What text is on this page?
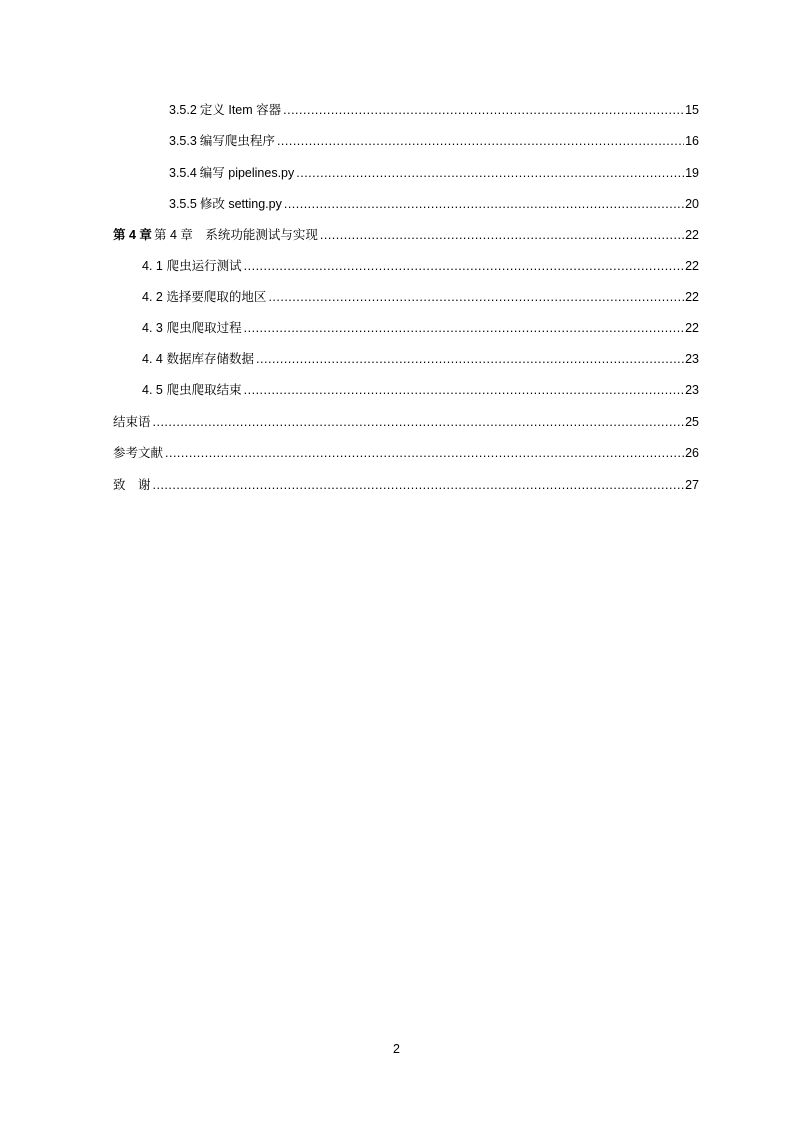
3.5.2 定义 Item 容器 .....	15
3.5.3 编写爬虫程序 .....	16
3.5.4 编写 pipelines.py .....	19
3.5.5 修改 setting.py .....	20
第 4 章 第 4 章　系统功能测试与实现 .....	22
4. 1 爬虫运行测试 .....	22
4. 2 选择要爬取的地区 .....	22
4. 3 爬虫爬取过程 .....	22
4. 4 数据库存储数据 .....	23
4. 5 爬虫爬取结束 .....	23
结束语 .....	25
参考文献 .....	26
致　谢 .....	27
2
